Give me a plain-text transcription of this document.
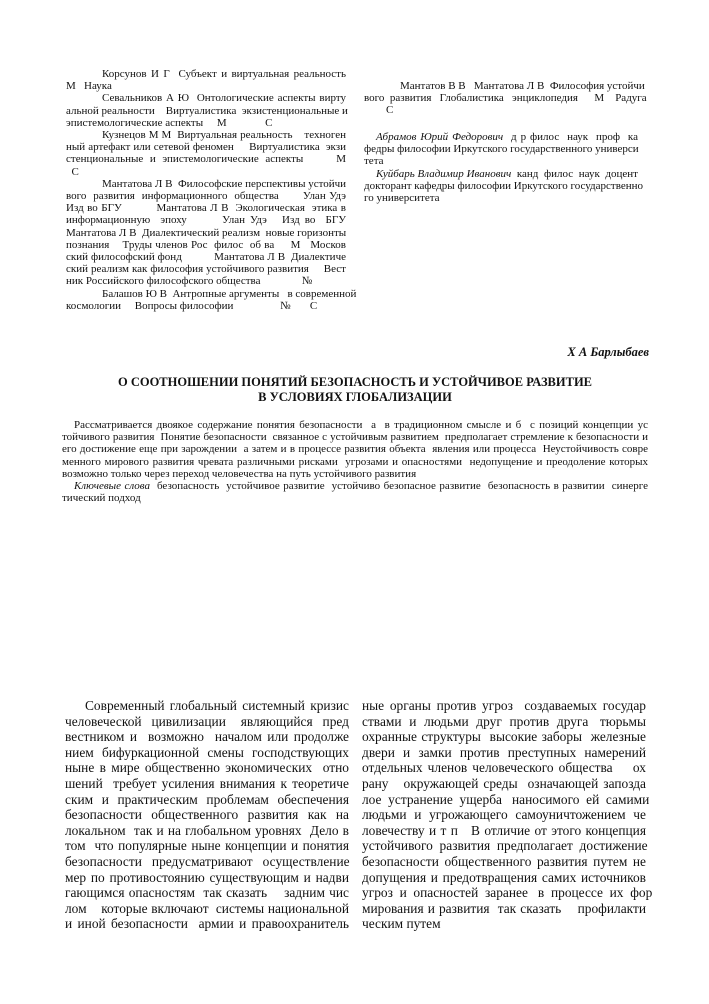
Корсунов И Г  Субъект и виртуальная реальность
М   Наука
Севальников А Ю  Онтологические аспекты вирту
альной реальности    Виртуалистика  экзистенциональные и
эпистемологические аспекты     М              С
Кузнецов М М  Виртуальная реальность    техноген
ный артефакт или сетевой феномен     Виртуалистика  экзи
стенциональные и эпистемологические аспекты     М
С
Мантатова Л В  Философские перспективы устойчи
вого  развития  информационного  общества       Улан Удэ
Изд во БГУ          Мантатова Л В  Экологическая  этика в
информационную  эпоху       Улан Удэ   Изд во  БГУ
Мантатова Л В  Диалектический реализм  новые горизонты
познания    Труды членов Рос  филос  об ва     М   Москов
ский философский фонд           Мантатова Л В  Диалектиче
ский реализм как философия устойчивого развития     Вест
ник Российского философского общества               №
Балашов Ю В  Антропные аргументы   в современной
космологии     Вопросы философии                 №       С
Мантатов В В   Мантатова Л В  Философия устойчи
вого  развития   Глобалистика   энциклопедия      М    Радуга
С
Абрамов Юрий Федорович  д р филос  наук  проф  ка
федры философии Иркутского государственного универси
тета
Куйбарь Владимир Иванович  канд  филос  наук  доцент
докторант кафедры философии Иркутского государственно
го университета
Х А Барлыбаев
О СООТНОШЕНИИ ПОНЯТИЙ БЕЗОПАСНОСТЬ И УСТОЙЧИВОЕ РАЗВИТИЕ
В УСЛОВИЯХ ГЛОБАЛИЗАЦИИ
Рассматривается двоякое содержание понятия безопасности  а  в традиционном смысле и б  с позиций концепции ус
тойчивого развития  Понятие безопасности  связанное с устойчивым развитием  предполагает стремление к безопасности и
его достижение еще при зарождении  а затем и в процессе развития объекта  явления или процесса  Неустойчивость совре
менного мирового развития чревата различными рисками  угрозами и опасностями  недопущение и преодоление которых
возможно только через переход человечества на путь устойчивого развития
Ключевые слова  безопасность  устойчивое развитие  устойчиво безопасное развитие  безопасность в развитии  синерге
тический подход
Современный глобальный системный кризис
человеческой  цивилизации   являющийся  пред
вестником и  возможно  началом или продолже
нием  бифуркационной  смены  господствующих
ныне в мире общественно экономических  отно
шений  требует усиления внимания к теоретиче
ским  и  практическим  проблемам  обеспечения
безопасности  общественного  развития  как  на
локальном  так и на глобальном уровнях  Дело в
том  что популярные ныне концепции и понятия
безопасности   предусматривают   осуществление
мер по противостоянию существующим и надви
гающимся опасностям  так сказать    задним чис
лом    которые включают  системы национальной
и иной безопасности  армии и правоохранитель
ные органы против угроз  создаваемых государ
ствами  и  людьми  друг  против  друга   тюрьмы
охранные структуры  высокие заборы  железные
двери  и  замки  против  преступных  намерений
отдельных членов человеческого общества    ох
рану   окружающей среды  означающей запозда
лое  устранение  ущерба   наносимого  ей  самими
людьми  и  угрожающего  самоуничтожением  че
ловечеству и т п   В отличие от этого концепция
устойчивого  развития  предполагает  достижение
безопасности общественного развития путем не
допущения и предотвращения самих источников
угроз  и  опасностей  заранее   в  процессе  их  фор
мирования и развития  так сказать    профилакти
ческим путем
